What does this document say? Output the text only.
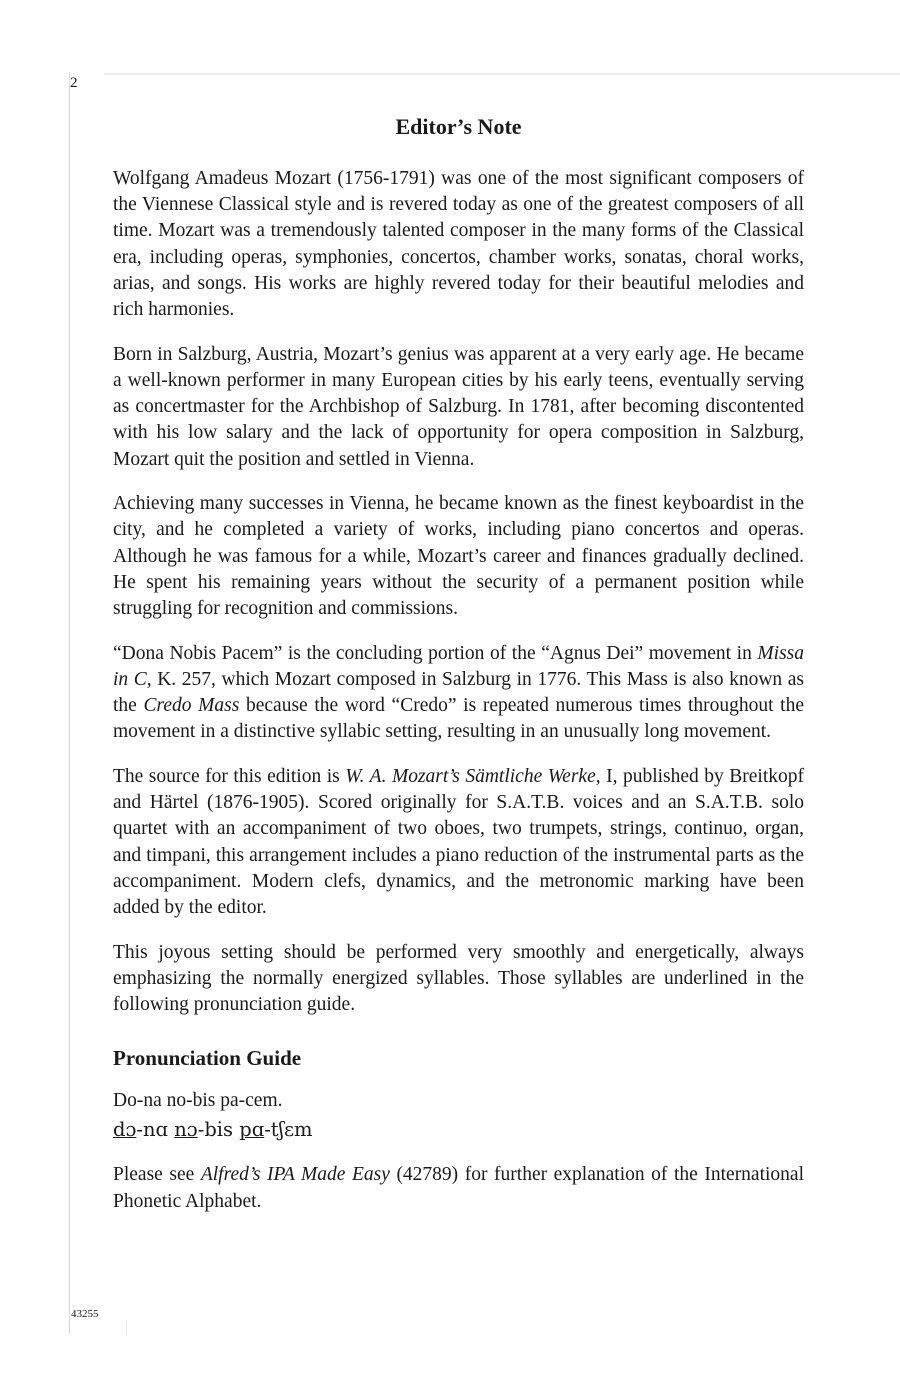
2
Editor’s Note

Wolfgang Amadeus Mozart (1756-1791) was one of the most significant composers of the Viennese Classical style and is revered today as one of the greatest composers of all time. Mozart was a tremendously talented composer in the many forms of the Classical era, including operas, symphonies, concertos, chamber works, sonatas, choral works, arias, and songs. His works are highly revered today for their beautiful melodies and rich harmonies.

Born in Salzburg, Austria, Mozart’s genius was apparent at a very early age. He became a well-known performer in many European cities by his early teens, eventually serving as concertmaster for the Archbishop of Salzburg. In 1781, after becoming discontented with his low salary and the lack of opportunity for opera composition in Salzburg, Mozart quit the position and settled in Vienna.

Achieving many successes in Vienna, he became known as the finest keyboardist in the city, and he completed a variety of works, including piano concertos and operas. Although he was famous for a while, Mozart’s career and finances gradually declined. He spent his remaining years without the security of a permanent position while struggling for recognition and commissions.

“Dona Nobis Pacem” is the concluding portion of the “Agnus Dei” movement in Missa in C, K. 257, which Mozart composed in Salzburg in 1776. This Mass is also known as the Credo Mass because the word “Credo” is repeated numerous times throughout the movement in a distinctive syllabic setting, resulting in an unusually long movement.

The source for this edition is W. A. Mozart’s Sämtliche Werke, I, published by Breitkopf and Härtel (1876-1905). Scored originally for S.A.T.B. voices and an S.A.T.B. solo quartet with an accompaniment of two oboes, two trumpets, strings, continuo, organ, and timpani, this arrangement includes a piano reduction of the instrumental parts as the accompaniment. Modern clefs, dynamics, and the metronomic marking have been added by the editor.

This joyous setting should be performed very smoothly and energetically, always emphasizing the normally energized syllables. Those syllables are underlined in the following pronunciation guide.

Pronunciation Guide

Do-na no-bis pa-cem.

dɔ-nɑ nɔ-bis pɑ-tʃɛm

Please see Alfred’s IPA Made Easy (42789) for further explanation of the International Phonetic Alphabet.

43255
